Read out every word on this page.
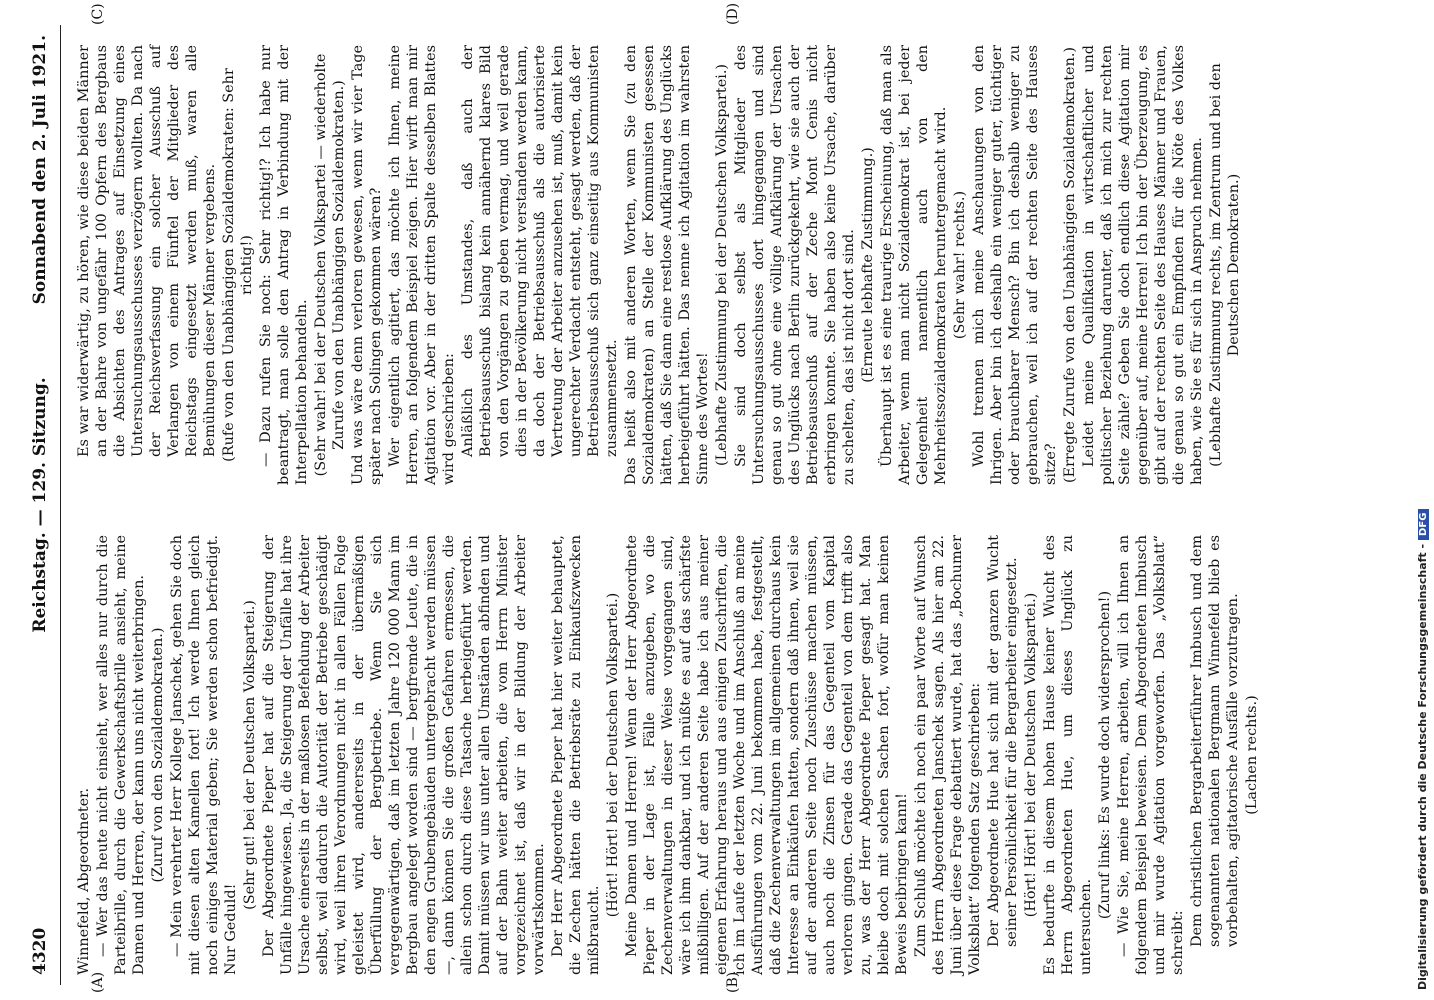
4320
Reichstag. — 129. Sitzung.
Sonnabend den 2. Juli 1921.
(A)	(B)
(C)	(D)

Winnefeld, Abgeordneter. — Wer das heute nicht einsieht, wer alles nur durch die Parteibrille, durch die Gewerkschaftsbrille ansieht, meine Damen und Herren, der kann uns nicht weiterbringen. (Zuruf von den Sozialdemokraten.) — Mein verehrter Herr Kollege Janschek, gehen Sie doch mit diesen alten Kamellen fort! Ich werde Ihnen gleich noch einiges Material geben; Sie werden schon befriedigt. Nur Geduld!

(Sehr gut! bei der Deutschen Volkspartei.) Der Abgeordnete Pieper hat auf die Steigerung der Unfälle hingewiesen. Ja, die Steigerung der Unfälle hat ihre Ursache einerseits in der maßlosen Befehdung der Arbeiter selbst, weil dadurch die Autorität der Betriebe geschädigt wird, weil ihren Verordnungen nicht in allen Fällen Folge geleistet wird, andererseits in der übermäßigen Überfüllung der Bergbetriebe. Wenn Sie sich vergegenwärtigen, daß im letzten Jahre 120 000 Mann im Bergbau angelegt worden sind — bergfremde Leute, die in den engen Grubengebäuden untergebracht werden müssen —, dann können Sie die großen Gefahren ermessen, die allein schon durch diese Tatsache herbeigeführt werden. Damit müssen wir uns unter allen Umständen abfinden und auf der Bahn weiter arbeiten, die vom Herrn Minister vorgezeichnet ist, daß wir in der Bildung der Arbeiter vorwärtskommen. Der Herr Abgeordnete Pieper hat hier weiter behauptet, die Zechen hätten die Betriebsräte zu Einkaufszwecken mißbraucht.

(Hört! Hört! bei der Deutschen Volkspartei.) Meine Damen und Herren! Wenn der Herr Abgeordnete Pieper in der Lage ist, Fälle anzugeben, wo die Zechenverwaltungen in dieser Weise vorgegangen sind, wäre ich ihm dankbar, und ich müßte es auf das schärfste mißbilligen. Auf der anderen Seite habe ich aus meiner eigenen Erfahrung heraus und aus einigen Zuschriften, die ich im Laufe der letzten Woche und im Anschluß an meine Ausführungen vom 22. Juni bekommen habe, festgestellt, daß die Zechenverwaltungen im allgemeinen durchaus kein Interesse an Einkäufen hatten, sondern daß ihnen, weil sie auf der anderen Seite noch Zuschüsse machen müssen, auch noch die Zinsen für das Gegenteil vom Kapital verloren gingen. Gerade das Gegenteil von dem trifft also zu, was der Herr Abgeordnete Pieper gesagt hat. Man bleibe doch mit solchen Sachen fort, wofür man keinen Beweis beibringen kann! Zum Schluß möchte ich noch ein paar Worte auf Wunsch des Herrn Abgeordneten Janschek sagen. Als hier am 22. Juni über diese Frage debattiert wurde, hat das „Bochumer Volksblatt“ folgenden Satz geschrieben: Der Abgeordnete Hue hat sich mit der ganzen Wucht seiner Persönlichkeit für die Bergarbeiter eingesetzt. (Hört! Hört! bei der Deutschen Volkspartei.) Es bedurfte in diesem hohen Hause keiner Wucht des Herrn Abgeordneten Hue, um dieses Unglück zu untersuchen.

(Zuruf links: Es wurde doch widersprochen!) — Wie Sie, meine Herren, arbeiten, will ich Ihnen an folgendem Beispiel beweisen. Dem Abgeordneten Imbusch und mir wurde Agitation vorgeworfen. Das „Volksblatt“ schreibt: Dem christlichen Bergarbeiterführer Imbusch und dem sogenannten nationalen Bergmann Winnefeld blieb es vorbehalten, agitatorische Ausfälle vorzutragen. (Lachen rechts.)

Es war widerwärtig, zu hören, wie diese beiden Männer an der Bahre von ungefähr 100 Opfern des Bergbaus die Absichten des Antrages auf Einsetzung eines Untersuchungsausschusses verzögern wollten. Da nach der Reichsverfassung ein solcher Ausschuß auf Verlangen von einem Fünftel der Mitglieder des Reichstags eingesetzt werden muß, waren alle Bemühungen dieser Männer vergebens. (Rufe von den Unabhängigen Sozialdemokraten: Sehr richtig!) — Dazu rufen Sie noch: Sehr richtig!? Ich habe nur beantragt, man solle den Antrag in Verbindung mit der Interpellation behandeln. (Sehr wahr! bei der Deutschen Volkspartei — wiederholte Zurufe von den Unabhängigen Sozialdemokraten.) Und was wäre denn verloren gewesen, wenn wir vier Tage später nach Solingen gekommen wären? Wer eigentlich agitiert, das möchte ich Ihnen, meine Herren, an folgendem Beispiel zeigen. Hier wirft man mir Agitation vor. Aber in der dritten Spalte desselben Blattes wird geschrieben: Anläßlich des Umstandes, daß auch der Betriebsausschuß bislang kein annähernd klares Bild von den Vorgängen zu geben vermag, und weil gerade dies in der Bevölkerung nicht verstanden werden kann, da doch der Betriebsausschuß als die autorisierte Vertretung der Arbeiter anzusehen ist, muß, damit kein ungerechter Verdacht entsteht, gesagt werden, daß der Betriebsausschuß sich ganz einseitig aus Kommunisten zusammensetzt. Das heißt also mit anderen Worten, wenn Sie (zu den Sozialdemokraten) an Stelle der Kommunisten gesessen hätten, daß Sie dann eine restlose Aufklärung des Unglücks herbeigeführt hätten. Das nenne ich Agitation im wahrsten Sinne des Wortes! (Lebhafte Zustimmung bei der Deutschen Volkspartei.) Sie sind doch selbst als Mitglieder des Untersuchungsausschusses dort hingegangen und sind genau so gut ohne eine völlige Aufklärung der Ursachen des Unglücks nach Berlin zurückgekehrt, wie sie auch der Betriebsausschuß auf der Zeche Mont Cenis nicht erbringen konnte. Sie haben also keine Ursache, darüber zu schelten, das ist nicht dort sind. (Erneute lebhafte Zustimmung.) Überhaupt ist es eine traurige Erscheinung, daß man als Arbeiter, wenn man nicht Sozialdemokrat ist, bei jeder Gelegenheit namentlich auch von den Mehrheitssozialdemokraten heruntergemacht wird. (Sehr wahr! rechts.) Wohl trennen mich meine Anschauungen von den Ihrigen. Aber bin ich deshalb ein weniger guter, tüchtiger oder brauchbarer Mensch? Bin ich deshalb weniger zu gebrauchen, weil ich auf der rechten Seite des Hauses sitze? (Erregte Zurufe von den Unabhängigen Sozialdemokraten.) Leidet meine Qualifikation in wirtschaftlicher und politischer Beziehung darunter, daß ich mich zur rechten Seite zähle? Geben Sie doch endlich diese Agitation mir gegenüber auf, meine Herren! Ich bin der Überzeugung, es gibt auf der rechten Seite des Hauses Männer und Frauen, die genau so gut ein Empfinden für die Nöte des Volkes haben, wie Sie es für sich in Anspruch nehmen. (Lebhafte Zustimmung rechts, im Zentrum und bei den Deutschen Demokraten.)

Digitalisierung gefördert durch die Deutsche Forschungsgemeinschaft -DFG
